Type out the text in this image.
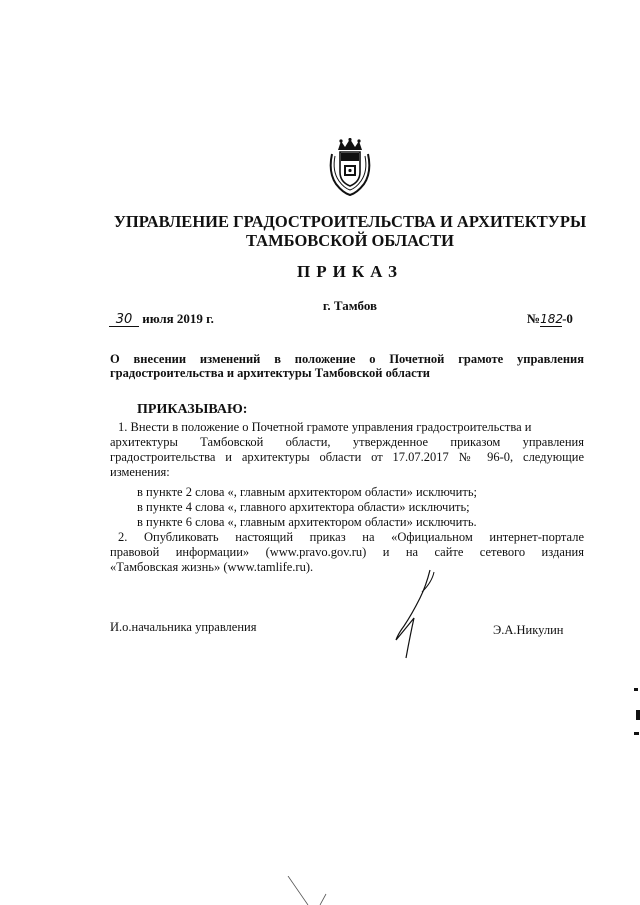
УПРАВЛЕНИЕ ГРАДОСТРОИТЕЛЬСТВА И АРХИТЕКТУРЫ
ТАМБОВСКОЙ ОБЛАСТИ
ПРИКАЗ
г. Тамбов
30 июля 2019 г.	№182-0
О внесении изменений в положение о Почетной грамоте управления
градостроительства и архитектуры Тамбовской области
ПРИКАЗЫВАЮ:
1. Внести в положение о Почетной грамоте управления градостроительства и
архитектуры Тамбовской области, утвержденное приказом управления
градостроительства и архитектуры области от 17.07.2017 № 96-0, следующие
изменения:
в пункте 2 слова «, главным архитектором области» исключить;
в пункте 4 слова «, главного архитектора области» исключить;
в пункте 6 слова «, главным архитектором области» исключить.
2. Опубликовать настоящий приказ на «Официальном интернет-портале
правовой информации» (www.pravo.gov.ru) и на сайте сетевого издания
«Тамбовская жизнь» (www.tamlife.ru).
И.о.начальника управления	Э.А.Никулин
